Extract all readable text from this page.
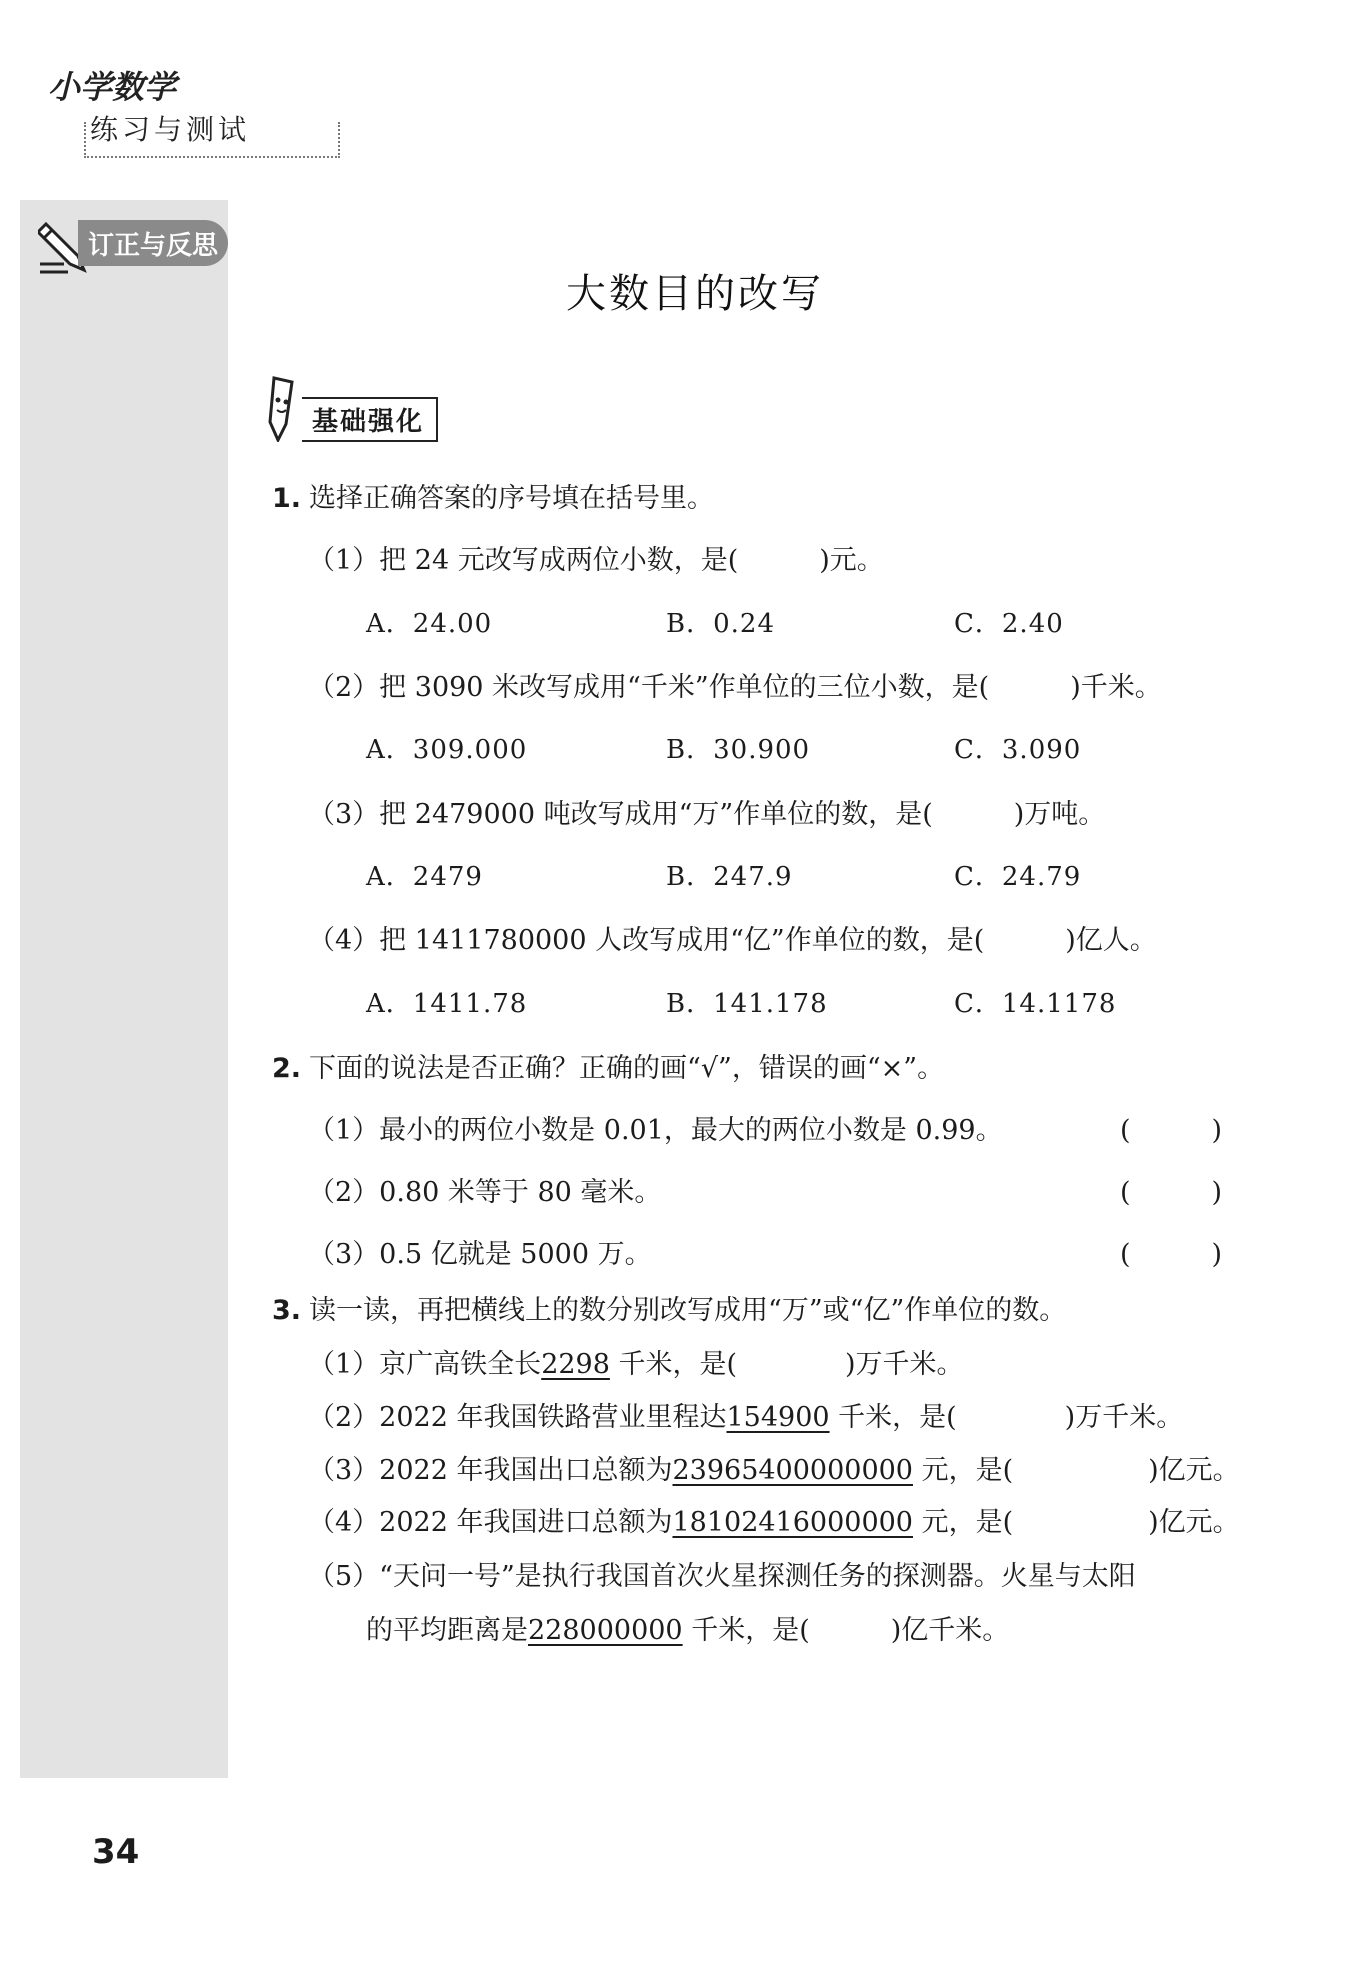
小学数学
练习与测试
订正与反思
大数目的改写
基础强化
1. 选择正确答案的序号填在括号里。
（1）把 24 元改写成两位小数，是(　　　)元。
A．24.00	B．0.24	C．2.40
（2）把 3090 米改写成用“千米”作单位的三位小数，是(　　　)千米。
A．309.000	B．30.900	C．3.090
（3）把 2479000 吨改写成用“万”作单位的数，是(　　　)万吨。
A．2479	B．247.9	C．24.79
（4）把 1411780000 人改写成用“亿”作单位的数，是(　　　)亿人。
A．1411.78	B．141.178	C．14.1178
2. 下面的说法是否正确？正确的画“√”，错误的画“×”。
（1）最小的两位小数是 0.01，最大的两位小数是 0.99。	(　　　)
（2）0.80 米等于 80 毫米。	(　　　)
（3）0.5 亿就是 5000 万。	(　　　)
3. 读一读，再把横线上的数分别改写成用“万”或“亿”作单位的数。
（1）京广高铁全长2298 千米，是(　　　　)万千米。
（2）2022 年我国铁路营业里程达154900 千米，是(　　　　)万千米。
（3）2022 年我国出口总额为23965400000000 元，是(　　　　　)亿元。
（4）2022 年我国进口总额为18102416000000 元，是(　　　　　)亿元。
（5）“天问一号”是执行我国首次火星探测任务的探测器。火星与太阳
的平均距离是228000000 千米，是(　　　)亿千米。
34
